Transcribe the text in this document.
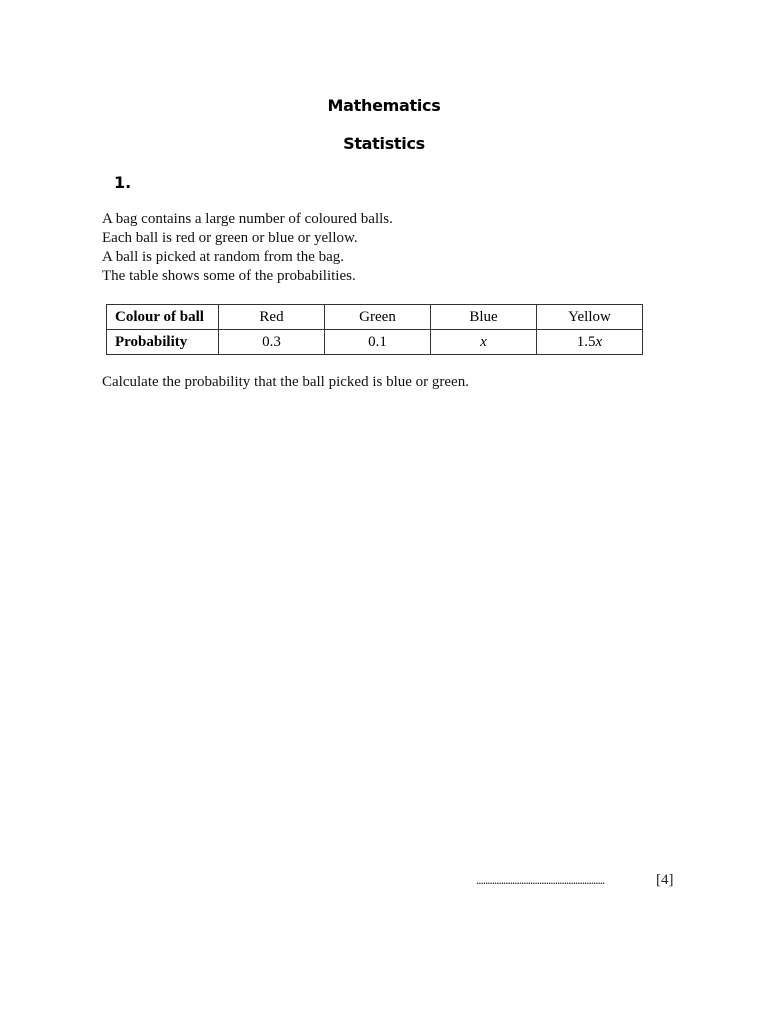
Mathematics
Statistics
1.
A bag contains a large number of coloured balls.
Each ball is red or green or blue or yellow.
A ball is picked at random from the bag.
The table shows some of the probabilities.
Colour of ball	Red	Green	Blue	Yellow
Probability	0.3	0.1	x	1.5x
Calculate the probability that the ball picked is blue or green.
.........................................................	[4]
